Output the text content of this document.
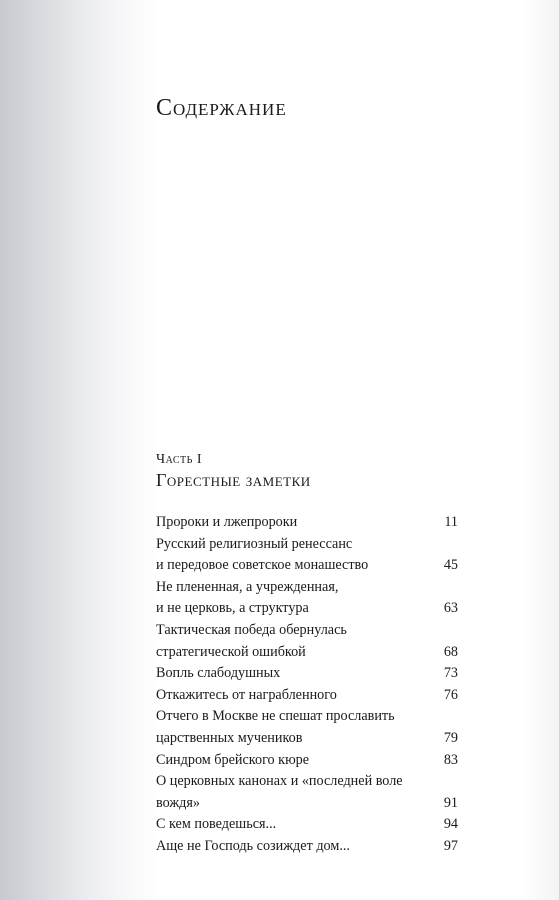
Содержание
Часть I
Горестные заметки
Пророки и лжепророки	11
Русский религиозный ренессанс
и передовое советское монашество	45
Не плененная, а учрежденная,
и не церковь, а структура	63
Тактическая победа обернулась
стратегической ошибкой	68
Вопль слабодушных	73
Откажитесь от награбленного	76
Отчего в Москве не спешат прославить
царственных мучеников	79
Синдром брейского кюре	83
О церковных канонах и «последней воле
вождя»	91
С кем поведешься...	94
Аще не Господь созиждет дом...	97
